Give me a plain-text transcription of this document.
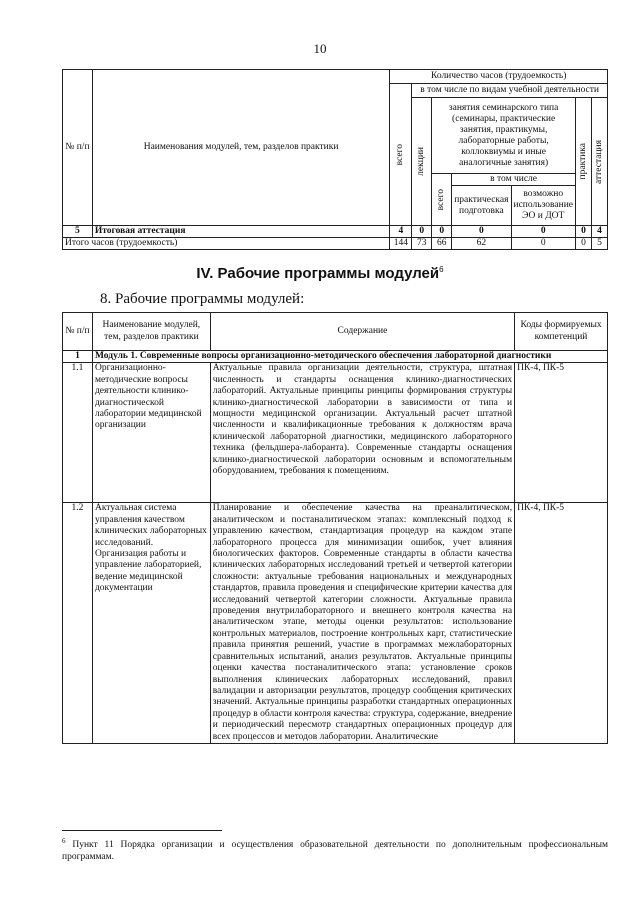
10
№ п/п	Наименования модулей, тем, разделов практики	Количество часов (трудоемкость)						

		всего	в том числе по видам учебной деятельности					

			лекции	занятия семинарского типа (семинары, практические занятия, практикумы, лабораторные работы, коллоквиумы и иные аналогичные занятия)			практика	аттестация

				всего	в том числе			
					практическая подготовка	возможно использование ЭО и ДОТ		
5	Итоговая аттестация	4	0	0	0	0	0	4
Итого часов (трудоемкость)		144	73	66	62	0	0	5
IV. Рабочие программы модулей$^6$
8. Рабочие программы модулей:
№ п/п	Наименование модулей, тем, разделов практики	Содержание	Коды формируемых компетенций
1	Модуль 1. Современные вопросы организационно-методического обеспечения лабораторной диагностики		
1.1	Организационно-методические вопросы деятельности клинико-диагностической лаборатории медицинской организации	Актуальные правила организации деятельности, структура, штатная численность и стандарты оснащения клинико-диагностических лабораторий. Актуальные принципы ринципы формирования структуры клинико-диагностической лаборатории в зависимости от типа и мощности медицинской организации. Актуальный расчет штатной численности и квалификационные требования к должностям врача клинической лабораторной диагностики, медицинского лабораторного техника (фельдшера-лаборанта). Современные стандарты оснащения клинико-диагностической лаборатории основным и вспомогательным оборудованием, требования к помещениям.	ПК-4, ПК-5
1.2	Актуальная система управления качеством клинических лабораторных исследований. Организация работы и управление лабораторией, ведение медицинской документации	Планирование и обеспечение качества на преаналитическом, аналитическом и постаналитическом этапах: комплексный подход к управлению качеством, стандартизация процедур на каждом этапе лабораторного процесса для минимизации ошибок, учет влияния биологических факторов. Современные стандарты в области качества клинических лабораторных исследований третьей и четвертой категории сложности: актуальные требования национальных и международных стандартов, правила проведения и специфические критерии качества для исследований четвертой категории сложности. Актуальные правила проведения внутрилабораторного и внешнего контроля качества на аналитическом этапе, методы оценки результатов: использование контрольных материалов, построение контрольных карт, статистические правила принятия решений, участие в программах межлабораторных сравнительных испытаний, анализ результатов. Актуальные принципы оценки качества постаналитического этапа: установление сроков выполнения клинических лабораторных исследований, правил валидации и авторизации результатов, процедур сообщения критических значений. Актуальные принципы разработки стандартных операционных процедур в области контроля качества: структура, содержание, внедрение и периодический пересмотр стандартных операционных процедур для всех процессов и методов лаборатории. Аналитические	ПК-4, ПК-5
$^6$ Пункт 11 Порядка организации и осуществления образовательной деятельности по дополнительным профессиональным программам.
